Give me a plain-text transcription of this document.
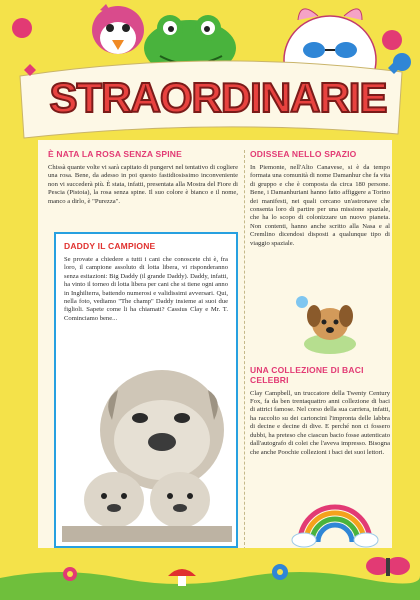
STRAORDINARIE
È NATA LA ROSA SENZA SPINE

Chissà quante volte vi sarà capitato di pungervi nel tentativo di cogliere una rosa. Bene, da adesso in poi questo fastidiosissimo inconveniente non vi succederà più. È stata, infatti, presentata alla Mostra del Fiore di Pescia (Pistoia), la rosa senza spine. Il suo colore è bianco e il nome, manco a dirlo, è "Purezza".

DADDY IL CAMPIONE

Se provate a chiedere a tutti i cani che conoscete chi è, fra loro, il campione assoluto di lotta libera, vi risponderanno senza esitazioni: Big Daddy (il grande Daddy). Daddy, infatti, ha vinto il torneo di lotta libera per cani che si tiene ogni anno in Inghilterra, battendo numerosi e validissimi avversari. Qui, nella foto, vediamo "The champ" Daddy insieme ai suoi due figlioli. Sapete come li ha chiamati? Cassius Clay e Mr. T. Cominciamo bene...

ODISSEA NELLO SPAZIO

In Piemonte, nell'Alto Canavese, si è da tempo formata una comunità di nome Damanhur che fa vita di gruppo e che è composta da circa 180 persone. Bene, i Damanhuriani hanno fatto affiggere a Torino dei manifesti, nei quali cercano un'astronave che consenta loro di partire per una missione spaziale, che ha lo scopo di colonizzare un nuovo pianeta. Non contenti, hanno anche scritto alla Nasa e al Cremlino dicendosi disposti a qualunque tipo di viaggio spaziale.

UNA COLLEZIONE DI BACI CELEBRI

Clay Campbell, un truccatore della Twenty Century Fox, fa da ben trentaquattro anni collezione di baci di attrici famose. Nel corso della sua carriera, infatti, ha raccolto su dei cartoncini l'impronta delle labbra di decine e decine di dive. E perché non ci fossero dubbi, ha preteso che ciascun bacio fosse autenticato dall'autografo di colei che l'aveva impresso. Bisogna che anche Poochie collezioni i baci dei suoi lettori.
